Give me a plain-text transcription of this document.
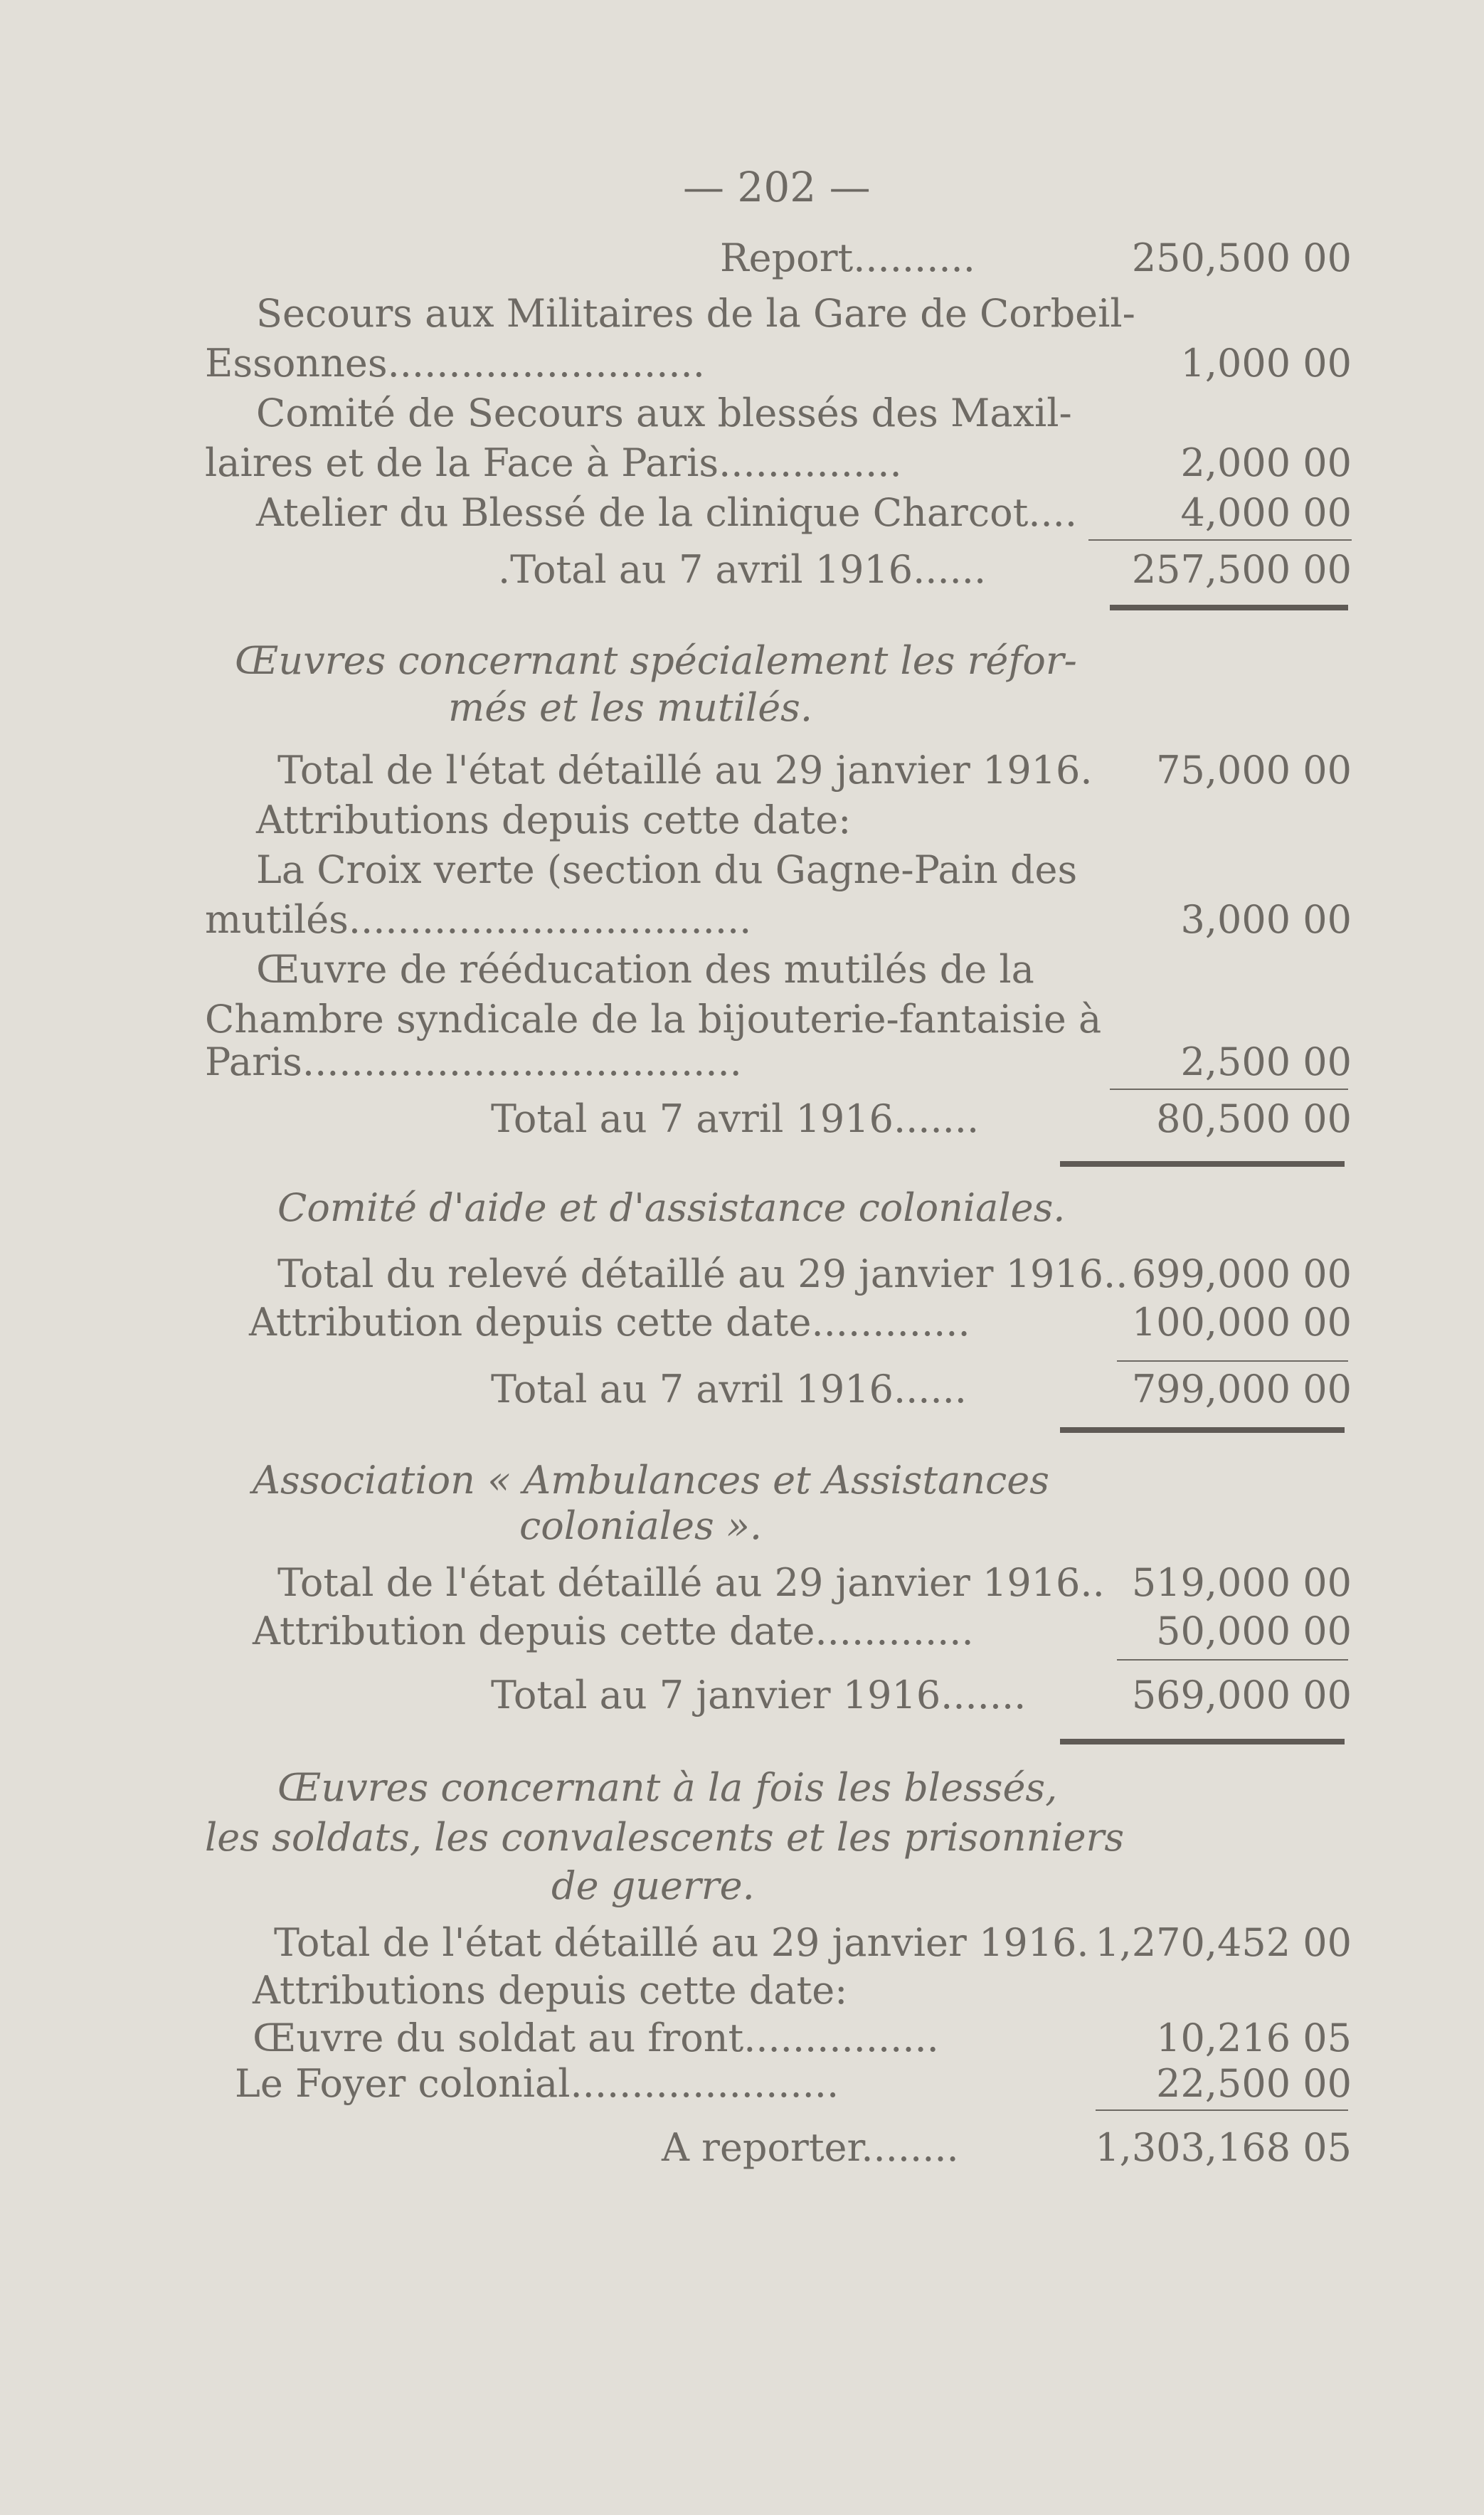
— 202 —
Report..........	250,500 00
Secours aux Militaires de la Gare de Corbeil-
Essonnes..........................	1,000 00
Comité de Secours aux blessés des Maxil-
laires et de la Face à Paris...............	2,000 00
Atelier du Blessé de la clinique Charcot....	4,000 00
.Total au 7 avril 1916......	257,500 00
Œuvres concernant spécialement les réfor-
més et les mutilés.
Total de l'état détaillé au 29 janvier 1916.	75,000 00
Attributions depuis cette date:
La Croix verte (section du Gagne-Pain des
mutilés.................................	3,000 00
Œuvre de rééducation des mutilés de la
Chambre syndicale de la bijouterie-fantaisie à
Paris....................................	2,500 00
Total au 7 avril 1916.......	80,500 00
Comité d'aide et d'assistance coloniales.
Total du relevé détaillé au 29 janvier 1916.. 699,000 00
Attribution depuis cette date.............	100,000 00
Total au 7 avril 1916......	799,000 00
Association « Ambulances et Assistances
coloniales ».
Total de l'état détaillé au 29 janvier 1916.. 519,000 00
Attribution depuis cette date.............	50,000 00
Total au 7 janvier 1916.......	569,000 00
Œuvres concernant à la fois les blessés,
les soldats, les convalescents et les prisonniers
de guerre.
Total de l'état détaillé au 29 janvier 1916. 1,270,452 00
Attributions depuis cette date:
Œuvre du soldat au front................	10,216 05
Le Foyer colonial......................	22,500 00
A reporter........	1,303,168 05
